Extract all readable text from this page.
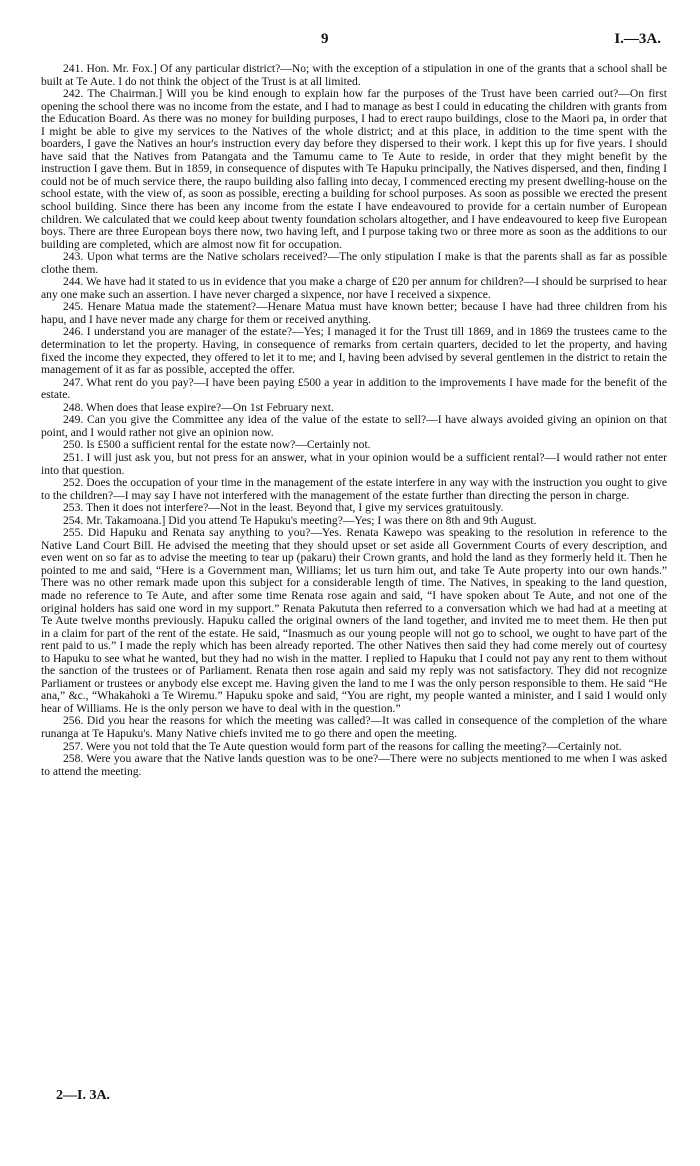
9	I.—3A.

241. Hon. Mr. Fox.] Of any particular district?—No; with the exception of a stipulation in one of the grants that a school shall be built at Te Aute. I do not think the object of the Trust is at all limited.

242. The Chairman.] Will you be kind enough to explain how far the purposes of the Trust have been carried out?—On first opening the school there was no income from the estate, and I had to manage as best I could in educating the children with grants from the Education Board. As there was no money for building purposes, I had to erect raupo buildings, close to the Maori pa, in order that I might be able to give my services to the Natives of the whole district; and at this place, in addition to the time spent with the boarders, I gave the Natives an hour's instruction every day before they dispersed to their work. I kept this up for five years. I should have said that the Natives from Patangata and the Tamumu came to Te Aute to reside, in order that they might benefit by the instruction I gave them. But in 1859, in consequence of disputes with Te Hapuku principally, the Natives dispersed, and then, finding I could not be of much service there, the raupo building also falling into decay, I commenced erecting my present dwelling-house on the school estate, with the view of, as soon as possible, erecting a building for school purposes. As soon as possible we erected the present school building. Since there has been any income from the estate I have endeavoured to provide for a certain number of European children. We calculated that we could keep about twenty foundation scholars altogether, and I have endeavoured to keep five European boys. There are three European boys there now, two having left, and I purpose taking two or three more as soon as the additions to our building are completed, which are almost now fit for occupation.

243. Upon what terms are the Native scholars received?—The only stipulation I make is that the parents shall as far as possible clothe them.

244. We have had it stated to us in evidence that you make a charge of £20 per annum for children?—I should be surprised to hear any one make such an assertion. I have never charged a sixpence, nor have I received a sixpence.

245. Henare Matua made the statement?—Henare Matua must have known better; because I have had three children from his hapu, and I have never made any charge for them or received anything.

246. I understand you are manager of the estate?—Yes; I managed it for the Trust till 1869, and in 1869 the trustees came to the determination to let the property. Having, in consequence of remarks from certain quarters, decided to let the property, and having fixed the income they expected, they offered to let it to me; and I, having been advised by several gentlemen in the district to retain the management of it as far as possible, accepted the offer.

247. What rent do you pay?—I have been paying £500 a year in addition to the improvements I have made for the benefit of the estate.

248. When does that lease expire?—On 1st February next.

249. Can you give the Committee any idea of the value of the estate to sell?—I have always avoided giving an opinion on that point, and I would rather not give an opinion now.

250. Is £500 a sufficient rental for the estate now?—Certainly not.

251. I will just ask you, but not press for an answer, what in your opinion would be a sufficient rental?—I would rather not enter into that question.

252. Does the occupation of your time in the management of the estate interfere in any way with the instruction you ought to give to the children?—I may say I have not interfered with the management of the estate further than directing the person in charge.

253. Then it does not interfere?—Not in the least. Beyond that, I give my services gratuitously.

254. Mr. Takamoana.] Did you attend Te Hapuku's meeting?—Yes; I was there on 8th and 9th August.

255. Did Hapuku and Renata say anything to you?—Yes. Renata Kawepo was speaking to the resolution in reference to the Native Land Court Bill. He advised the meeting that they should upset or set aside all Government Courts of every description, and even went on so far as to advise the meeting to tear up (pakaru) their Crown grants, and hold the land as they formerly held it. Then he pointed to me and said, “Here is a Government man, Williams; let us turn him out, and take Te Aute property into our own hands.” There was no other remark made upon this subject for a considerable length of time. The Natives, in speaking to the land question, made no reference to Te Aute, and after some time Renata rose again and said, “I have spoken about Te Aute, and not one of the original holders has said one word in my support.” Renata Pakututa then referred to a conversation which we had had at a meeting at Te Aute twelve months previously. Hapuku called the original owners of the land together, and invited me to meet them. He then put in a claim for part of the rent of the estate. He said, “Inasmuch as our young people will not go to school, we ought to have part of the rent paid to us.” I made the reply which has been already reported. The other Natives then said they had come merely out of courtesy to Hapuku to see what he wanted, but they had no wish in the matter. I replied to Hapuku that I could not pay any rent to them without the sanction of the trustees or of Parliament. Renata then rose again and said my reply was not satisfactory. They did not recognize Parliament or trustees or anybody else except me. Having given the land to me I was the only person responsible to them. He said “He ana,” &c., “Whakahoki a Te Wiremu.” Hapuku spoke and said, “You are right, my people wanted a minister, and I said I would only hear of Williams. He is the only person we have to deal with in the question.”

256. Did you hear the reasons for which the meeting was called?—It was called in consequence of the completion of the whare runanga at Te Hapuku's. Many Native chiefs invited me to go there and open the meeting.

257. Were you not told that the Te Aute question would form part of the reasons for calling the meeting?—Certainly not.

258. Were you aware that the Native lands question was to be one?—There were no subjects mentioned to me when I was asked to attend the meeting.

2—I. 3A.
